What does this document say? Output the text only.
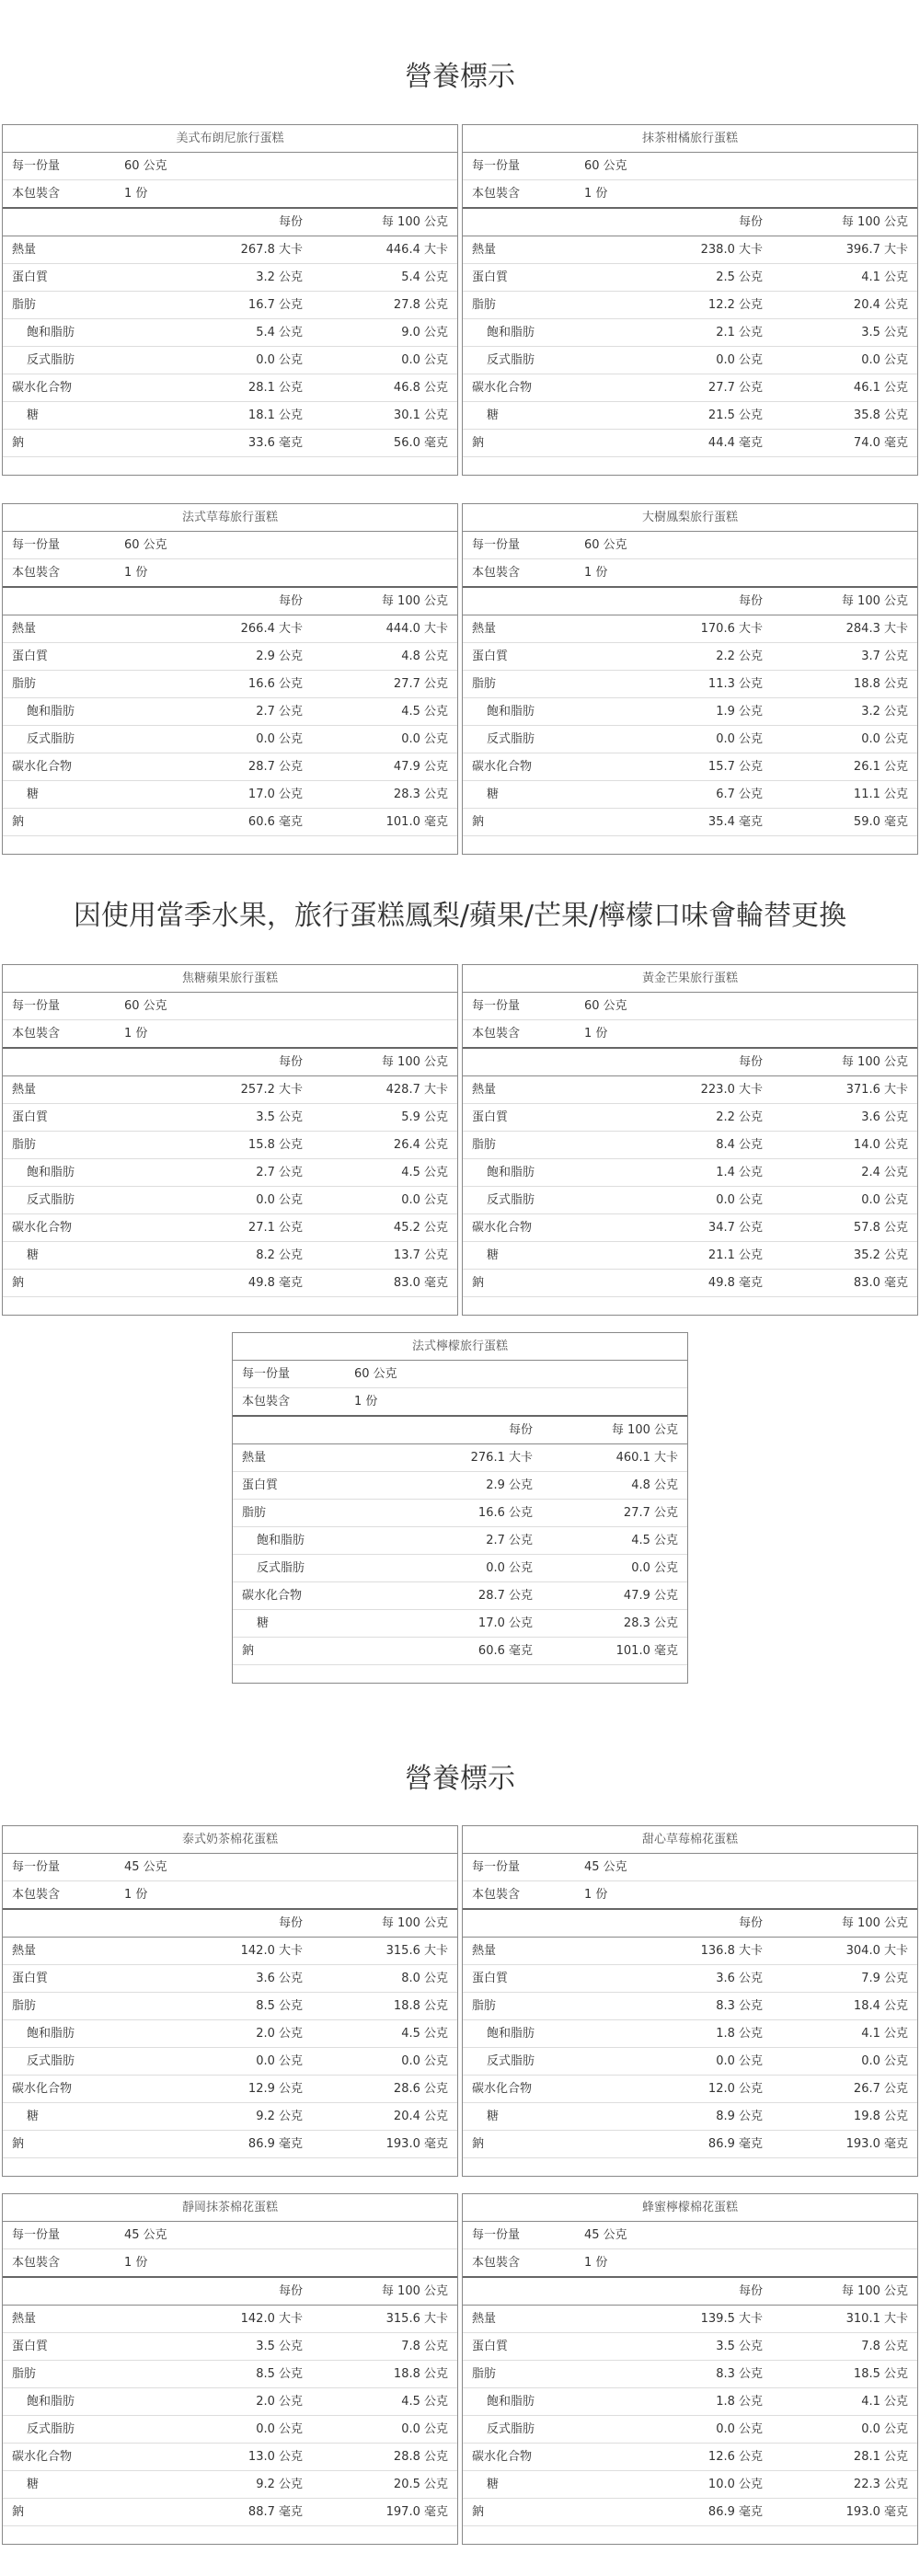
營養標示
因使用當季水果，旅行蛋糕鳳梨/蘋果/芒果/檸檬口味會輪替更換
營養標示
美式布朗尼旅行蛋糕
每一份量	60 公克
本包裝含	1 份
每份	每 100 公克
熱量	267.8 大卡	446.4 大卡
蛋白質	3.2 公克	5.4 公克
脂肪	16.7 公克	27.8 公克
飽和脂肪	5.4 公克	9.0 公克
反式脂肪	0.0 公克	0.0 公克
碳水化合物	28.1 公克	46.8 公克
糖	18.1 公克	30.1 公克
鈉	33.6 毫克	56.0 毫克
抹茶柑橘旅行蛋糕
每一份量	60 公克
本包裝含	1 份
每份	每 100 公克
熱量	238.0 大卡	396.7 大卡
蛋白質	2.5 公克	4.1 公克
脂肪	12.2 公克	20.4 公克
飽和脂肪	2.1 公克	3.5 公克
反式脂肪	0.0 公克	0.0 公克
碳水化合物	27.7 公克	46.1 公克
糖	21.5 公克	35.8 公克
鈉	44.4 毫克	74.0 毫克
法式草莓旅行蛋糕
每一份量	60 公克
本包裝含	1 份
每份	每 100 公克
熱量	266.4 大卡	444.0 大卡
蛋白質	2.9 公克	4.8 公克
脂肪	16.6 公克	27.7 公克
飽和脂肪	2.7 公克	4.5 公克
反式脂肪	0.0 公克	0.0 公克
碳水化合物	28.7 公克	47.9 公克
糖	17.0 公克	28.3 公克
鈉	60.6 毫克	101.0 毫克
大樹鳳梨旅行蛋糕
每一份量	60 公克
本包裝含	1 份
每份	每 100 公克
熱量	170.6 大卡	284.3 大卡
蛋白質	2.2 公克	3.7 公克
脂肪	11.3 公克	18.8 公克
飽和脂肪	1.9 公克	3.2 公克
反式脂肪	0.0 公克	0.0 公克
碳水化合物	15.7 公克	26.1 公克
糖	6.7 公克	11.1 公克
鈉	35.4 毫克	59.0 毫克
焦糖蘋果旅行蛋糕
每一份量	60 公克
本包裝含	1 份
每份	每 100 公克
熱量	257.2 大卡	428.7 大卡
蛋白質	3.5 公克	5.9 公克
脂肪	15.8 公克	26.4 公克
飽和脂肪	2.7 公克	4.5 公克
反式脂肪	0.0 公克	0.0 公克
碳水化合物	27.1 公克	45.2 公克
糖	8.2 公克	13.7 公克
鈉	49.8 毫克	83.0 毫克
黃金芒果旅行蛋糕
每一份量	60 公克
本包裝含	1 份
每份	每 100 公克
熱量	223.0 大卡	371.6 大卡
蛋白質	2.2 公克	3.6 公克
脂肪	8.4 公克	14.0 公克
飽和脂肪	1.4 公克	2.4 公克
反式脂肪	0.0 公克	0.0 公克
碳水化合物	34.7 公克	57.8 公克
糖	21.1 公克	35.2 公克
鈉	49.8 毫克	83.0 毫克
法式檸檬旅行蛋糕
每一份量	60 公克
本包裝含	1 份
每份	每 100 公克
熱量	276.1 大卡	460.1 大卡
蛋白質	2.9 公克	4.8 公克
脂肪	16.6 公克	27.7 公克
飽和脂肪	2.7 公克	4.5 公克
反式脂肪	0.0 公克	0.0 公克
碳水化合物	28.7 公克	47.9 公克
糖	17.0 公克	28.3 公克
鈉	60.6 毫克	101.0 毫克
泰式奶茶棉花蛋糕
每一份量	45 公克
本包裝含	1 份
每份	每 100 公克
熱量	142.0 大卡	315.6 大卡
蛋白質	3.6 公克	8.0 公克
脂肪	8.5 公克	18.8 公克
飽和脂肪	2.0 公克	4.5 公克
反式脂肪	0.0 公克	0.0 公克
碳水化合物	12.9 公克	28.6 公克
糖	9.2 公克	20.4 公克
鈉	86.9 毫克	193.0 毫克
甜心草莓棉花蛋糕
每一份量	45 公克
本包裝含	1 份
每份	每 100 公克
熱量	136.8 大卡	304.0 大卡
蛋白質	3.6 公克	7.9 公克
脂肪	8.3 公克	18.4 公克
飽和脂肪	1.8 公克	4.1 公克
反式脂肪	0.0 公克	0.0 公克
碳水化合物	12.0 公克	26.7 公克
糖	8.9 公克	19.8 公克
鈉	86.9 毫克	193.0 毫克
靜岡抹茶棉花蛋糕
每一份量	45 公克
本包裝含	1 份
每份	每 100 公克
熱量	142.0 大卡	315.6 大卡
蛋白質	3.5 公克	7.8 公克
脂肪	8.5 公克	18.8 公克
飽和脂肪	2.0 公克	4.5 公克
反式脂肪	0.0 公克	0.0 公克
碳水化合物	13.0 公克	28.8 公克
糖	9.2 公克	20.5 公克
鈉	88.7 毫克	197.0 毫克
蜂蜜檸檬棉花蛋糕
每一份量	45 公克
本包裝含	1 份
每份	每 100 公克
熱量	139.5 大卡	310.1 大卡
蛋白質	3.5 公克	7.8 公克
脂肪	8.3 公克	18.5 公克
飽和脂肪	1.8 公克	4.1 公克
反式脂肪	0.0 公克	0.0 公克
碳水化合物	12.6 公克	28.1 公克
糖	10.0 公克	22.3 公克
鈉	86.9 毫克	193.0 毫克
